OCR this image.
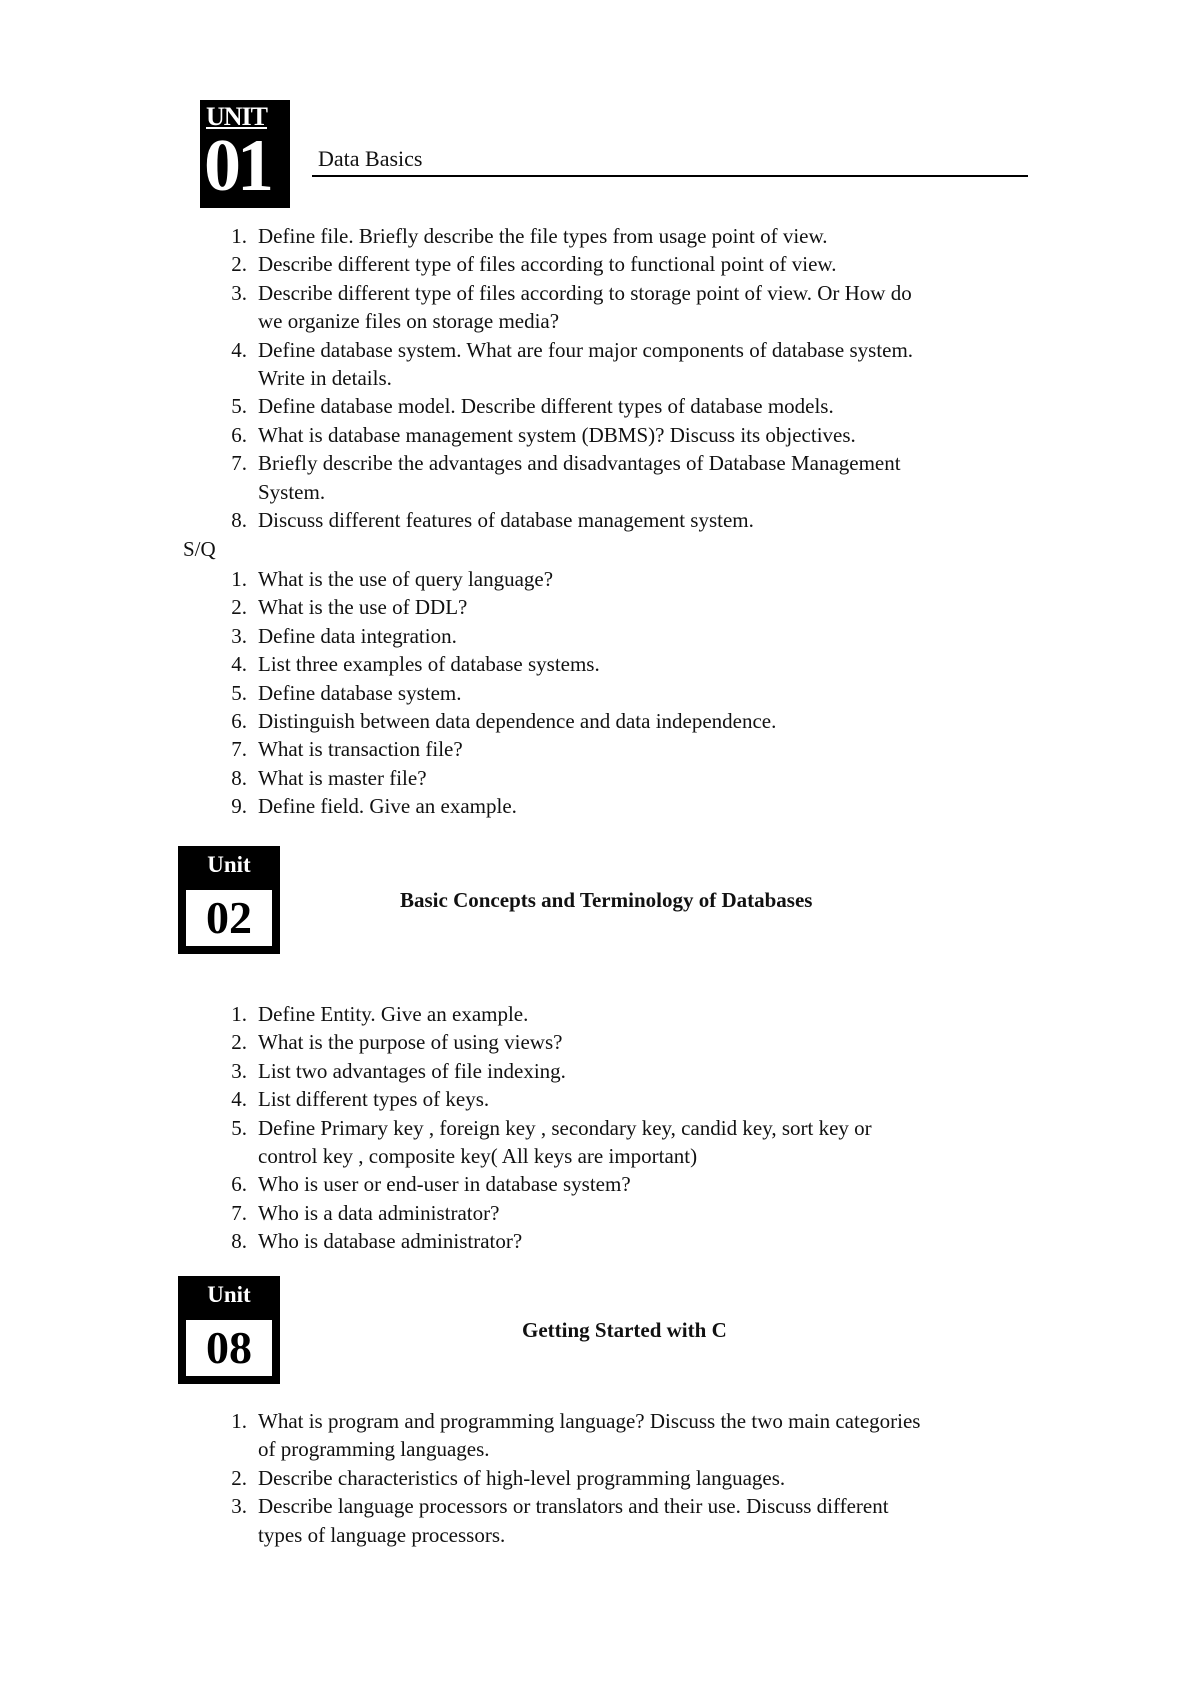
UNIT
01 Data Basics
1. Define file. Briefly describe the file types from usage point of view.
2. Describe different type of files according to functional point of view.
3. Describe different type of files according to storage point of view. Or How do
we organize files on storage media?
4. Define database system. What are four major components of database system.
Write in details.
5. Define database model. Describe different types of database models.
6. What is database management system (DBMS)? Discuss its objectives.
7. Briefly describe the advantages and disadvantages of Database Management
System.
8. Discuss different features of database management system.
S/Q
1. What is the use of query language?
2. What is the use of DDL?
3. Define data integration.
4. List three examples of database systems.
5. Define database system.
6. Distinguish between data dependence and data independence.
7. What is transaction file?
8. What is master file?
9. Define field. Give an example.
Unit
02	Basic Concepts and Terminology of Databases
1. Define Entity. Give an example.
2. What is the purpose of using views?
3. List two advantages of file indexing.
4. List different types of keys.
5. Define Primary key , foreign key , secondary key, candid key, sort key or
control key , composite key( All keys are important)
6. Who is user or end-user in database system?
7. Who is a data administrator?
8. Who is database administrator?
Unit
08	Getting Started with C
1. What is program and programming language? Discuss the two main categories
of programming languages.
2. Describe characteristics of high-level programming languages.
3. Describe language processors or translators and their use. Discuss different
types of language processors.
